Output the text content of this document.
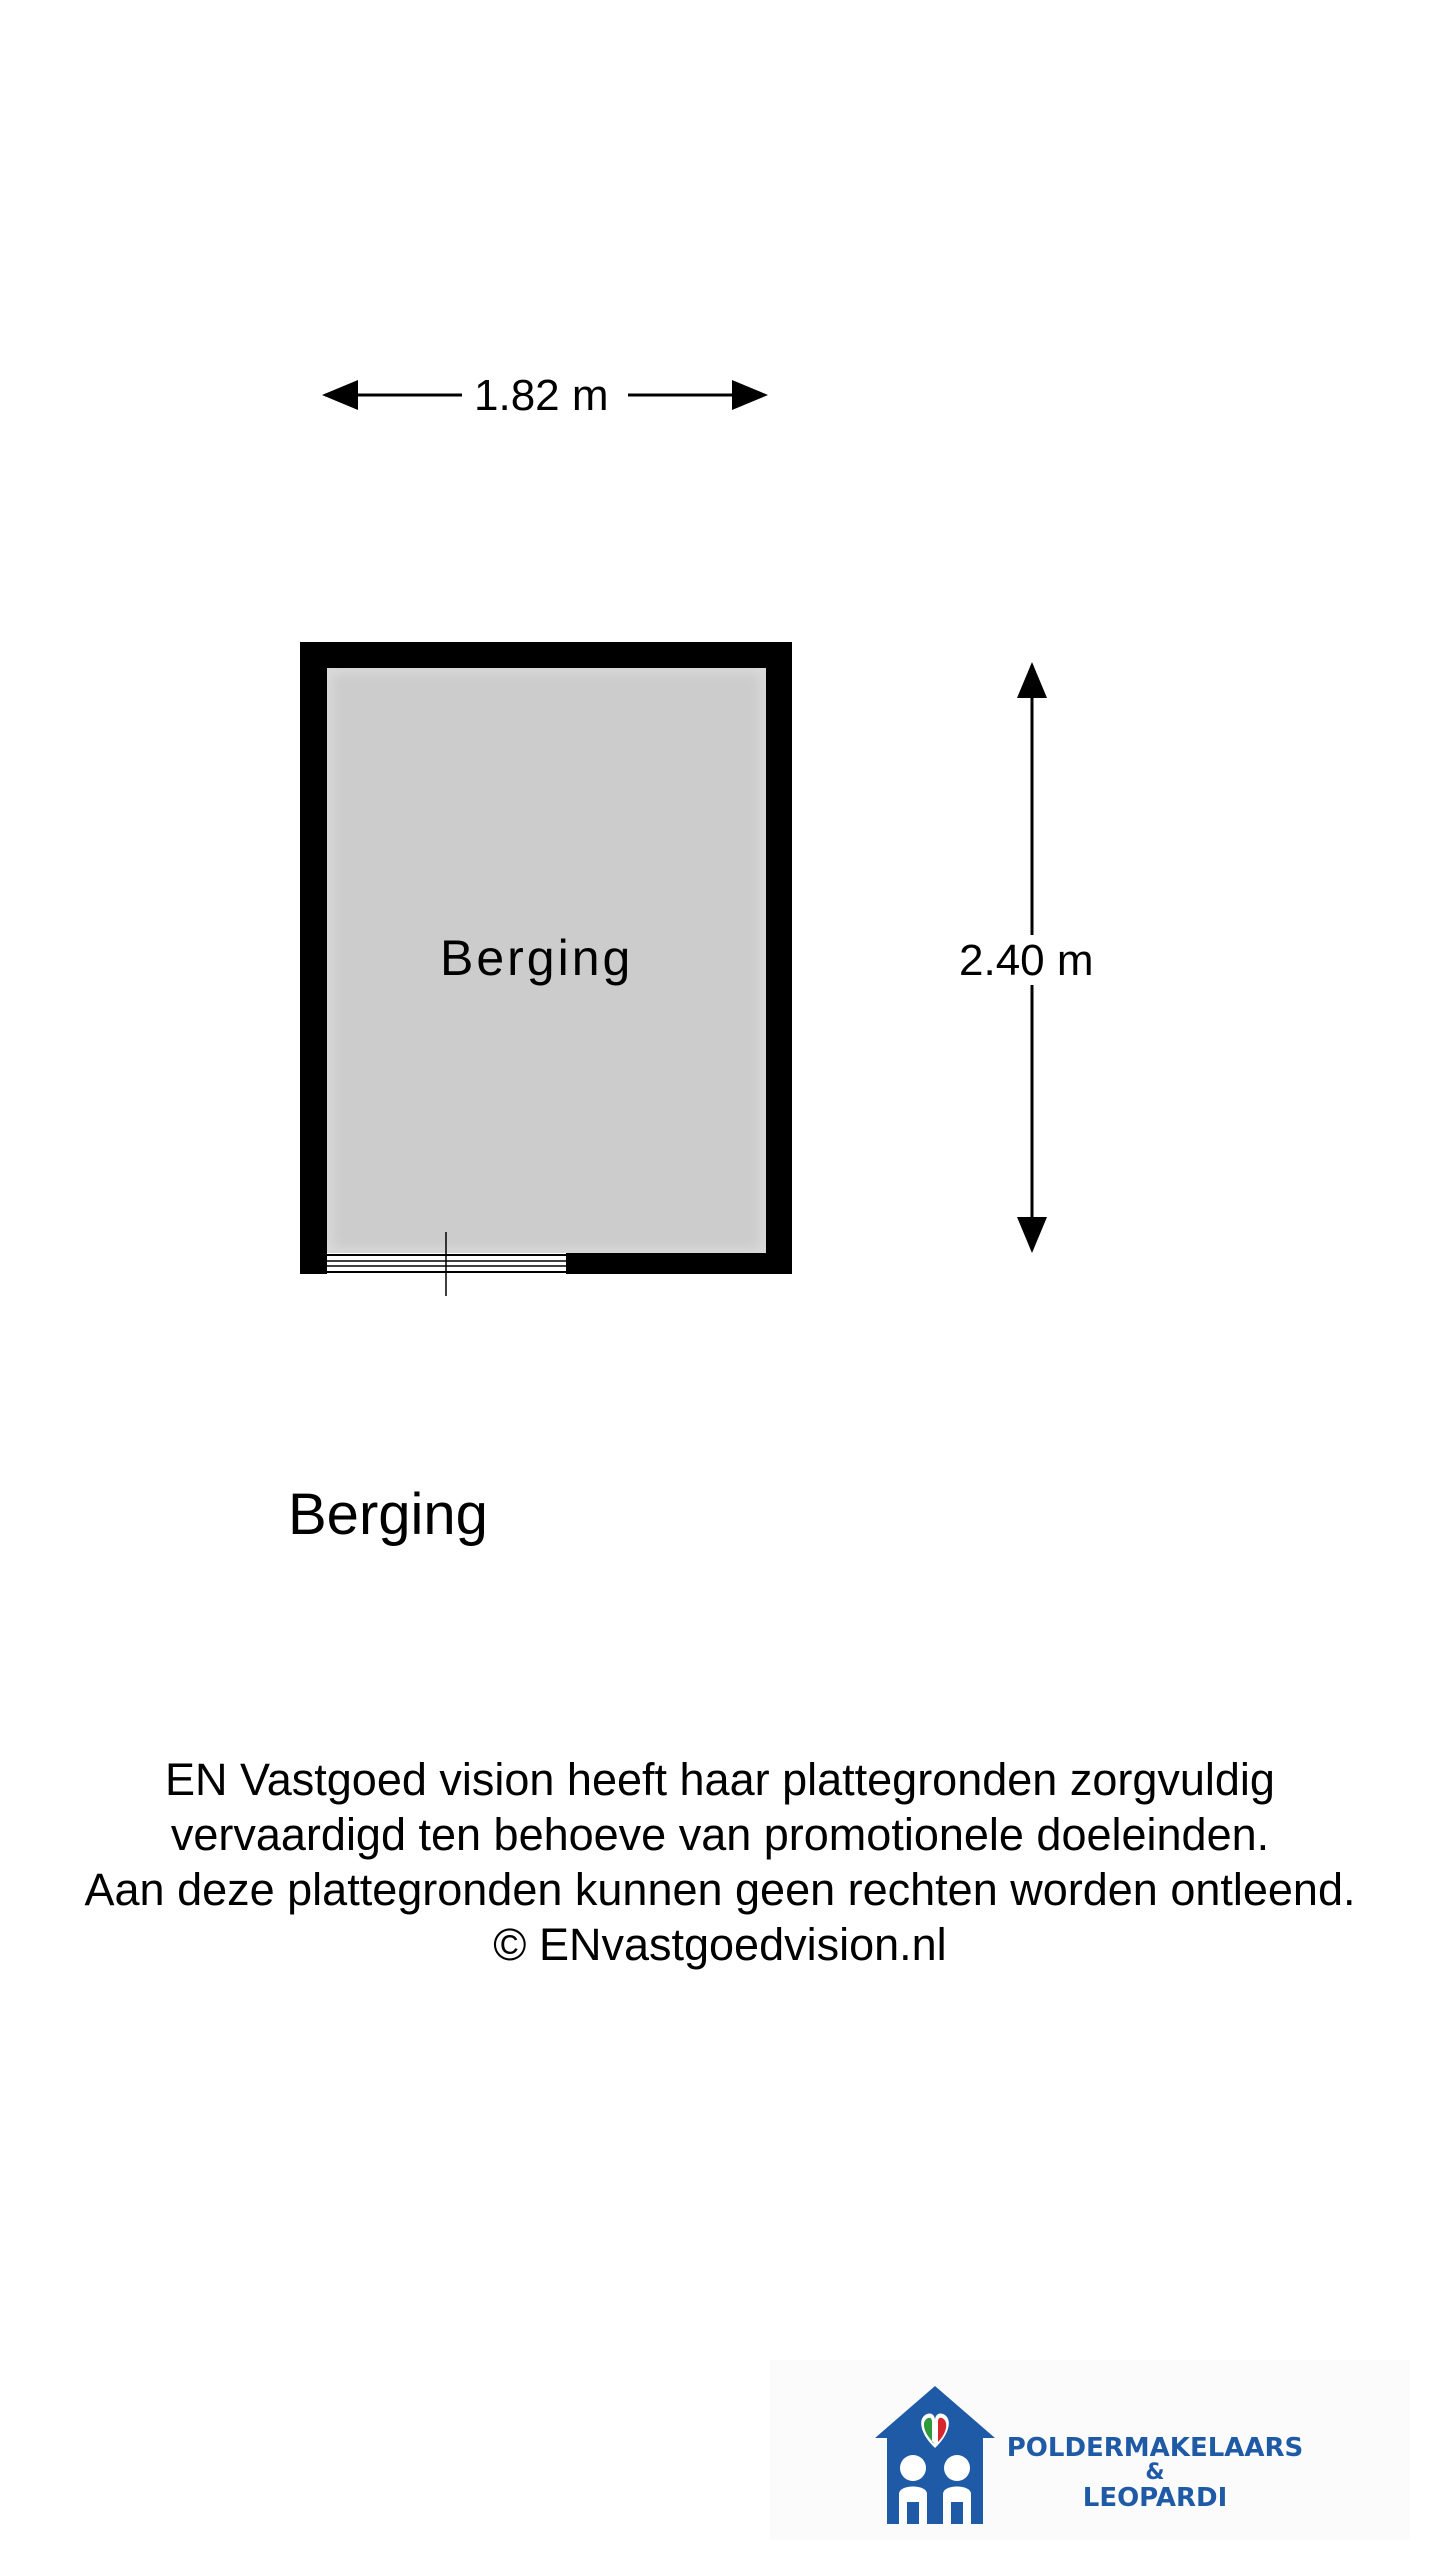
1.82 m
2.40 m
Berging
Berging
EN Vastgoed vision heeft haar plattegronden zorgvuldig
vervaardigd ten behoeve van promotionele doeleinden.
Aan deze plattegronden kunnen geen rechten worden ontleend.
© ENvastgoedvision.nl
POLDERMAKELAARS
&
LEOPARDI
